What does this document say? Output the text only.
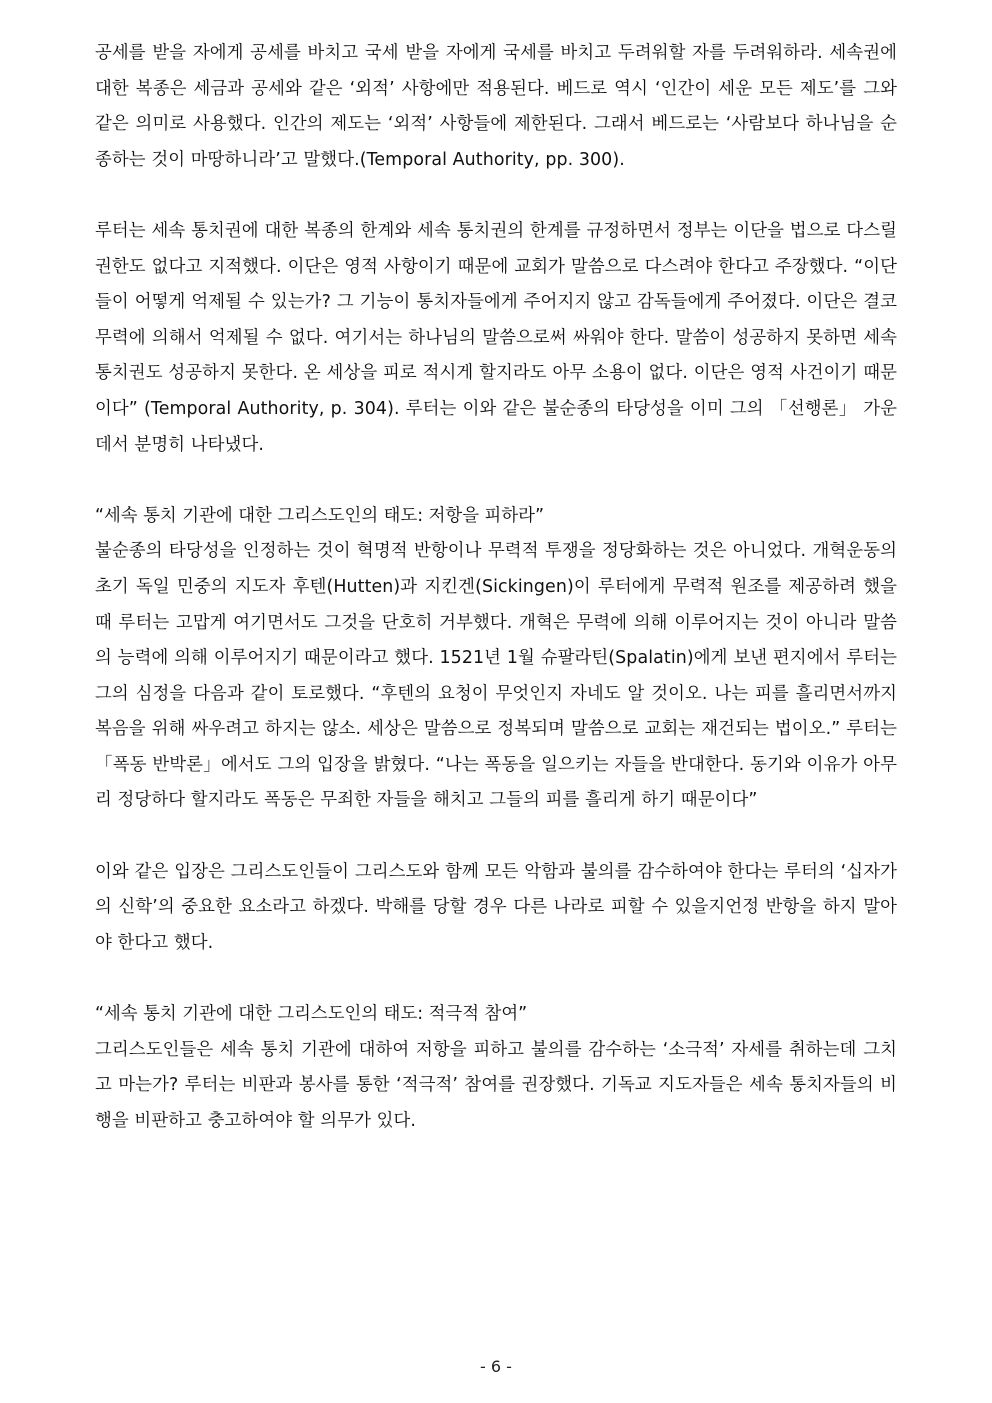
공세를 받을 자에게 공세를 바치고 국세 받을 자에게 국세를 바치고 두려워할 자를 두려워하라. 세속권에 대한 복종은 세금과 공세와 같은 ‘외적’ 사항에만 적용된다. 베드로 역시 ‘인간이 세운 모든 제도’를 그와 같은 의미로 사용했다. 인간의 제도는 ‘외적’ 사항들에 제한된다. 그래서 베드로는 ‘사람보다 하나님을 순종하는 것이 마땅하니라’고 말했다.(Temporal Authority, pp. 300).

루터는 세속 통치권에 대한 복종의 한계와 세속 통치권의 한계를 규정하면서 정부는 이단을 법으로 다스릴 권한도 없다고 지적했다. 이단은 영적 사항이기 때문에 교회가 말씀으로 다스려야 한다고 주장했다. “이단들이 어떻게 억제될 수 있는가? 그 기능이 통치자들에게 주어지지 않고 감독들에게 주어졌다. 이단은 결코 무력에 의해서 억제될 수 없다. 여기서는 하나님의 말씀으로써 싸워야 한다. 말씀이 성공하지 못하면 세속 통치권도 성공하지 못한다. 온 세상을 피로 적시게 할지라도 아무 소용이 없다. 이단은 영적 사건이기 때문이다” (Temporal Authority, p. 304). 루터는 이와 같은 불순종의 타당성을 이미 그의 「선행론」 가운데서 분명히 나타냈다.

“세속 통치 기관에 대한 그리스도인의 태도: 저항을 피하라”

불순종의 타당성을 인정하는 것이 혁명적 반항이나 무력적 투쟁을 정당화하는 것은 아니었다. 개혁운동의 초기 독일 민중의 지도자 후텐(Hutten)과 지킨겐(Sickingen)이 루터에게 무력적 원조를 제공하려 했을 때 루터는 고맙게 여기면서도 그것을 단호히 거부했다. 개혁은 무력에 의해 이루어지는 것이 아니라 말씀의 능력에 의해 이루어지기 때문이라고 했다. 1521년 1월 슈팔라틴(Spalatin)에게 보낸 편지에서 루터는 그의 심정을 다음과 같이 토로했다. “후텐의 요청이 무엇인지 자네도 알 것이오. 나는 피를 흘리면서까지 복음을 위해 싸우려고 하지는 않소. 세상은 말씀으로 정복되며 말씀으로 교회는 재건되는 법이오.” 루터는 「폭동 반박론」에서도 그의 입장을 밝혔다. “나는 폭동을 일으키는 자들을 반대한다. 동기와 이유가 아무리 정당하다 할지라도 폭동은 무죄한 자들을 해치고 그들의 피를 흘리게 하기 때문이다”

이와 같은 입장은 그리스도인들이 그리스도와 함께 모든 악함과 불의를 감수하여야 한다는 루터의 ‘십자가의 신학’의 중요한 요소라고 하겠다. 박해를 당할 경우 다른 나라로 피할 수 있을지언정 반항을 하지 말아야 한다고 했다.

“세속 통치 기관에 대한 그리스도인의 태도: 적극적 참여”

그리스도인들은 세속 통치 기관에 대하여 저항을 피하고 불의를 감수하는 ‘소극적’ 자세를 취하는데 그치고 마는가? 루터는 비판과 봉사를 통한 ‘적극적’ 참여를 권장했다. 기독교 지도자들은 세속 통치자들의 비행을 비판하고 충고하여야 할 의무가 있다.

- 6 -
